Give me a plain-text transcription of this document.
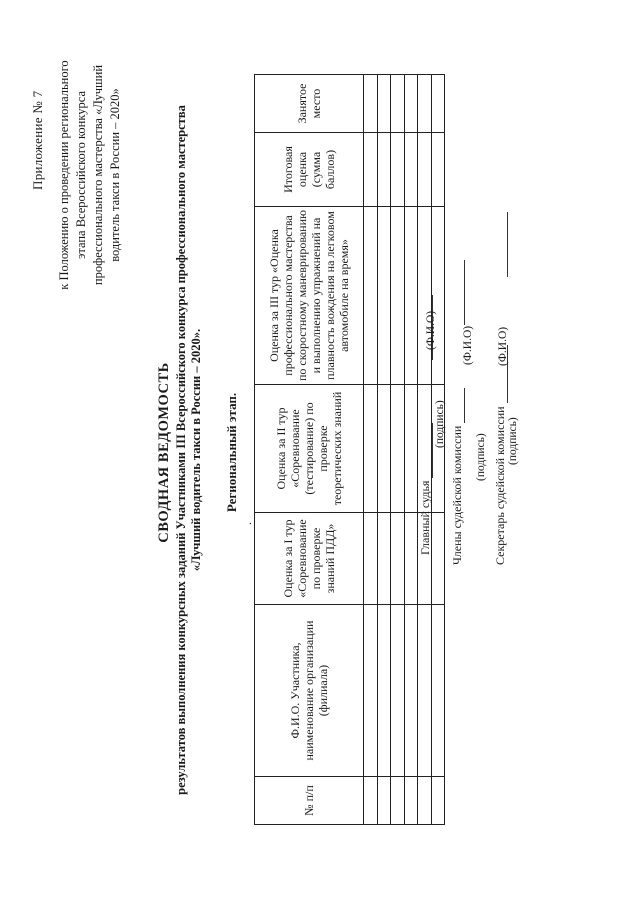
Приложение № 7 к Положению о проведении регионального этапа Всероссийского конкурса профессионального мастерства «Лучший водитель такси в России – 2020»
СВОДНАЯ ВЕДОМОСТЬ результатов выполнения конкурсных заданий Участниками III Всероссийского конкурса профессионального мастерства «Лучший водитель такси в России – 2020». Региональный этап.
.
№ п/п	Ф.И.О. Участника, наименование организации (филиала)	Оценка за I тур «Соревнование по проверке знаний ПДД»	Оценка за II тур «Соревнование (тестирование) по проверке теоретических знаний	Оценка за III тур «Оценка профессионального мастерства по скоростному маневрированию и выполнению упражнений на плавность вождения на легковом автомобиле на время»	Итоговая оценка (сумма баллов)	Занятое место

Главный судья
(подпись)
(Ф.И.О)
Члены судейской комиссии
(Ф.И.О)
(подпись) Секретарь судейской комиссии
(Ф.И.О)
(подпись)
